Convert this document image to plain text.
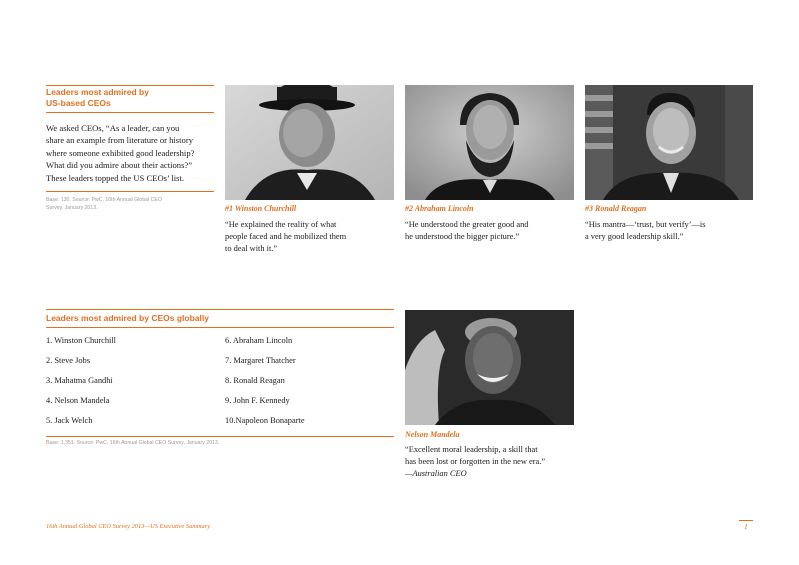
Leaders most admired by
US-based CEOs
We asked CEOs, “As a leader, can you
share an example from literature or history
where someone exhibited good leadership?
What did you admire about their actions?”
These leaders topped the US CEOs’ list.
Base: 130. Source: PwC, 16th Annual Global CEO
Survey, January 2013.	#1 Winston Churchill
“He explained the reality of what
people faced and he mobilized them
to deal with it.”
#2 Abraham Lincoln
“He understood the greater good and
he understood the bigger picture.”
#3 Ronald Reagan
“His mantra—‘trust, but verify’—is
a very good leadership skill.”
Leaders most admired by CEOs globally
1. Winston Churchill
2. Steve Jobs
3. Mahatma Gandhi
4. Nelson Mandela
5. Jack Welch
6. Abraham Lincoln
7. Margaret Thatcher
8. Ronald Reagan
9. John F. Kennedy
10.Napoleon Bonaparte
Base: 1,351. Source: PwC, 16th Annual Global CEO Survey, January 2013.
Nelson Mandela
“Excellent moral leadership, a skill that
has been lost or forgotten in the new era.”
—Australian CEO
16th Annual Global CEO Survey 2013—US Executive Summary	1
